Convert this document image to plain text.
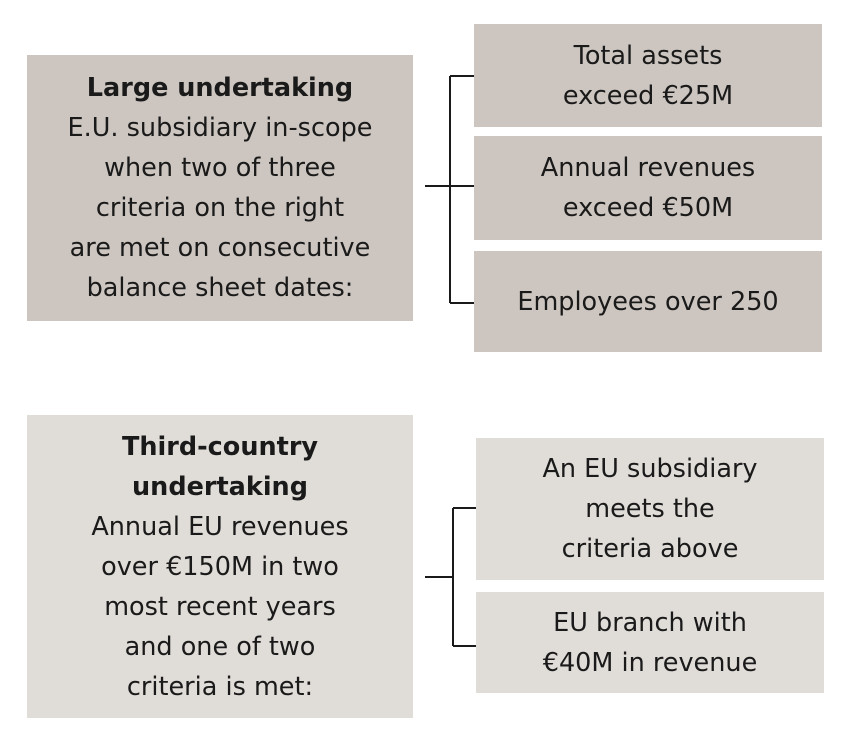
Large undertaking
E.U. subsidiary in-scope
when two of three
criteria on the right
are met on consecutive
balance sheet dates:
Total assets
exceed €25M
Annual revenues
exceed €50M
Employees over 250
Third-country
undertaking
Annual EU revenues
over €150M in two
most recent years
and one of two
criteria is met:
An EU subsidiary
meets the
criteria above
EU branch with
€40M in revenue
